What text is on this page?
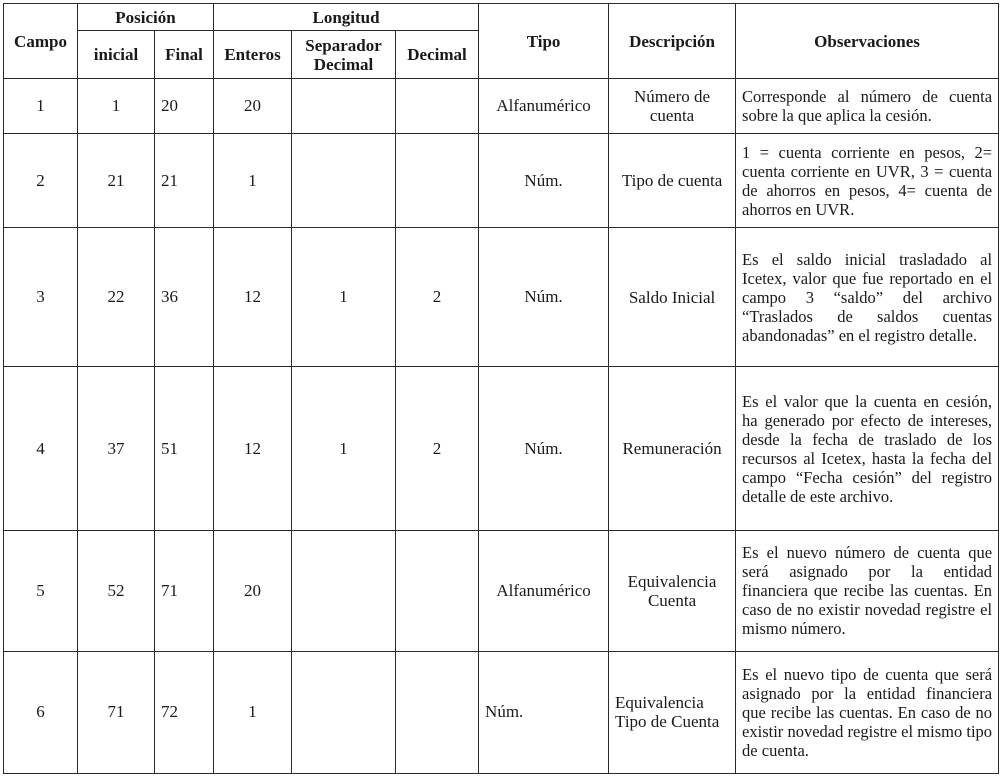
Campo	Posición		Longitud			Tipo	Descripción	Observaciones
	inicial	Final	Enteros	Separador Decimal	Decimal			
1	1	20	20			Alfanumérico	Número de cuenta	Corresponde al número de cuenta sobre la que aplica la cesión.
2	21	21	1			Núm.	Tipo de cuenta	1 = cuenta corriente en pesos, 2= cuenta corriente en UVR, 3 = cuenta de ahorros en pesos, 4= cuenta de ahorros en UVR.
3	22	36	12	1	2	Núm.	Saldo Inicial	Es el saldo inicial trasladado al Icetex, valor que fue reportado en el campo 3 “saldo” del archivo “Traslados de saldos cuentas abandonadas” en el registro detalle.
4	37	51	12	1	2	Núm.	Remuneración	Es el valor que la cuenta en cesión, ha generado por efecto de intereses, desde la fecha de traslado de los recursos al Icetex, hasta la fecha del campo “Fecha cesión” del registro detalle de este archivo.
5	52	71	20			Alfanumérico	Equivalencia Cuenta	Es el nuevo número de cuenta que será asignado por la entidad financiera que recibe las cuentas. En caso de no existir novedad registre el mismo número.
6	71	72	1			Núm.	Equivalencia Tipo de Cuenta	Es el nuevo tipo de cuenta que será asignado por la entidad financiera que recibe las cuentas. En caso de no existir novedad registre el mismo tipo de cuenta.
